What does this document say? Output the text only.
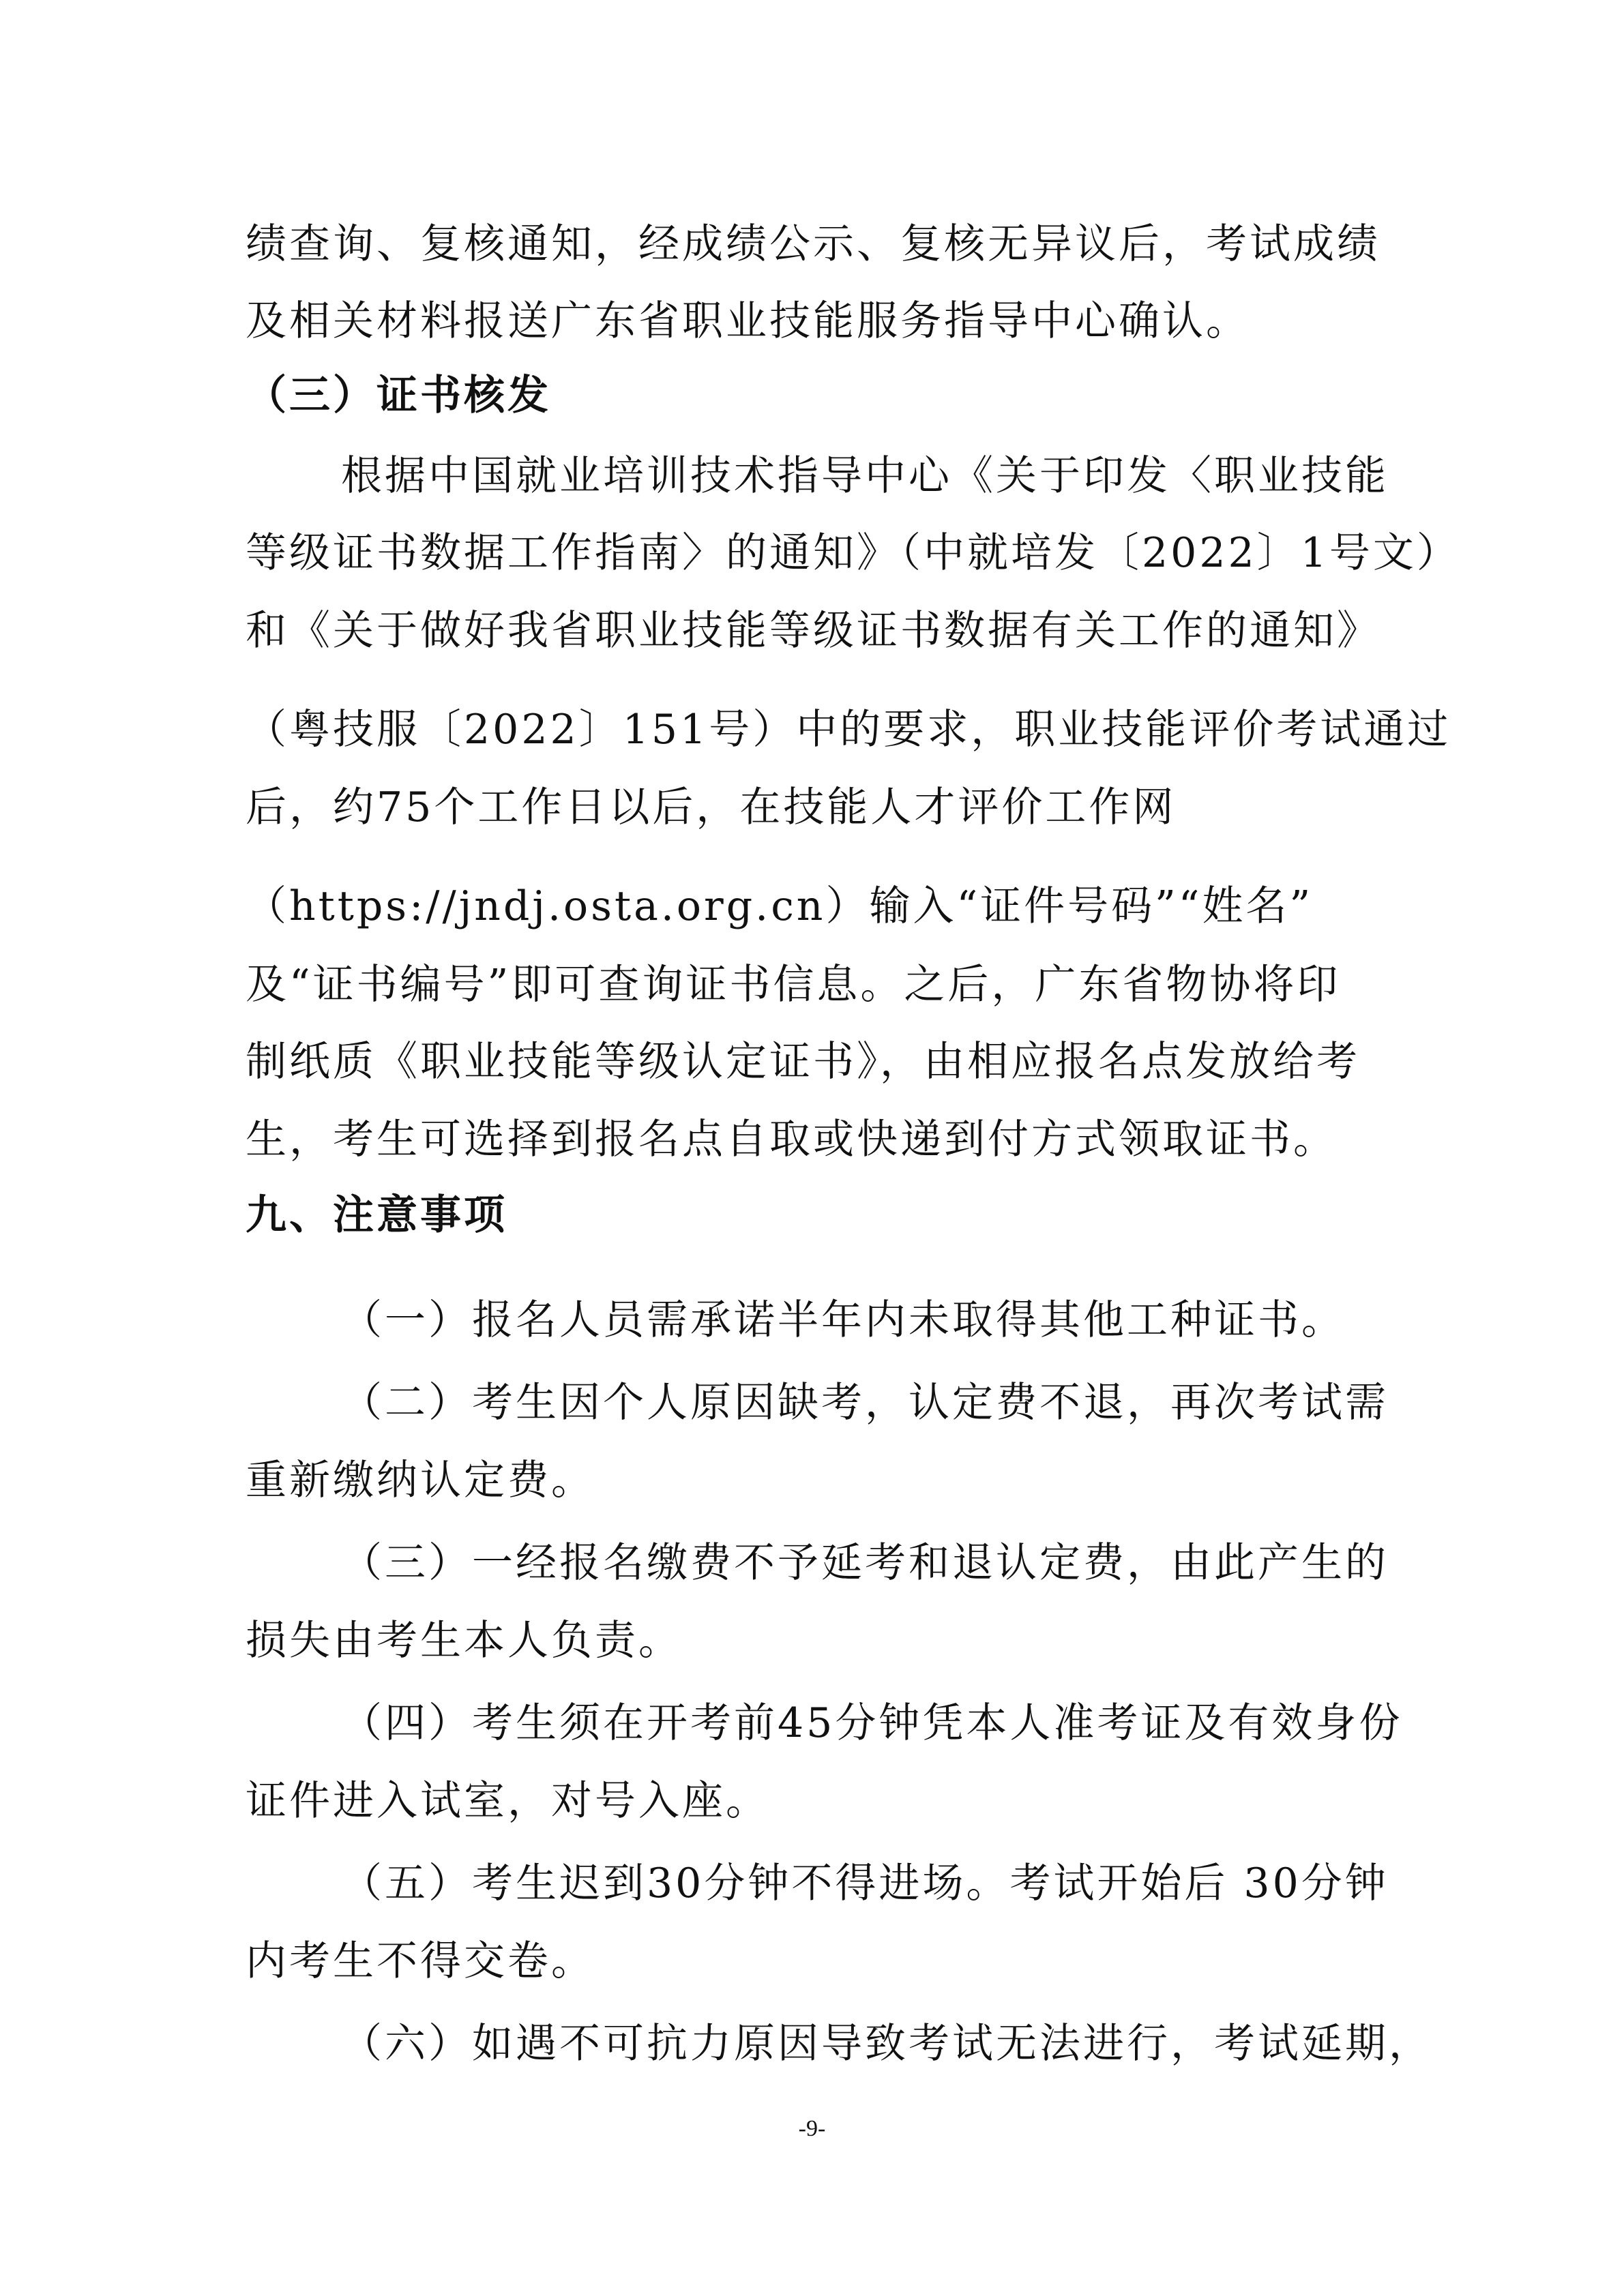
绩查询、复核通知，经成绩公示、复核无异议后，考试成绩
及相关材料报送广东省职业技能服务指导中心确认。
（三）证书核发
根据中国就业培训技术指导中心《关于印发〈职业技能
等级证书数据工作指南〉的通知》（中就培发〔2022〕1号文）
和《关于做好我省职业技能等级证书数据有关工作的通知》
（粤技服〔2022〕151号）中的要求，职业技能评价考试通过
后，约75个工作日以后，在技能人才评价工作网
（https://jndj.osta.org.cn）输入“证件号码”“姓名”
及“证书编号”即可查询证书信息。之后，广东省物协将印
制纸质《职业技能等级认定证书》，由相应报名点发放给考
生，考生可选择到报名点自取或快递到付方式领取证书。
九、注意事项
（一）报名人员需承诺半年内未取得其他工种证书。
（二）考生因个人原因缺考，认定费不退，再次考试需
重新缴纳认定费。
（三）一经报名缴费不予延考和退认定费，由此产生的
损失由考生本人负责。
（四）考生须在开考前45分钟凭本人准考证及有效身份
证件进入试室，对号入座。
（五）考生迟到30分钟不得进场。考试开始后 30分钟
内考生不得交卷。
（六）如遇不可抗力原因导致考试无法进行，考试延期，
-9-
